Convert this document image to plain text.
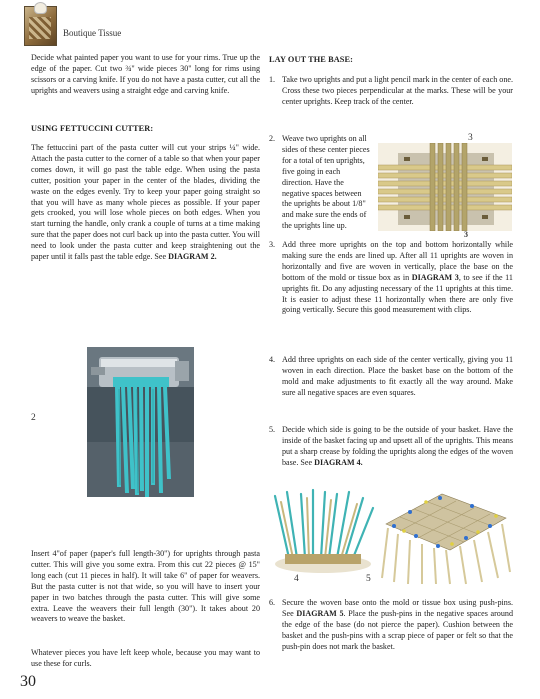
Boutique Tissue
Decide what painted paper you want to use for your rims. True up the edge of the paper. Cut two ¾" wide pieces 30" long for rims using scissors or a carving knife. If you do not have a pasta cutter, cut all the uprights and weavers using a straight edge and carving knife.
USING FETTUCCINI CUTTER:
The fettuccini part of the pasta cutter will cut your strips ¼" wide. Attach the pasta cutter to the corner of a table so that when your paper comes down, it will go past the table edge. When using the pasta cutter, position your paper in the center of the blades, dividing the waste on the edges evenly. Try to keep your paper going straight so that you will have as many whole pieces as possible. If your paper gets crooked, you will lose whole pieces on both edges. When you start turning the handle, only crank a couple of turns at a time making sure that the paper does not curl back up into the pasta cutter. You will need to look under the pasta cutter and keep straightening out the paper until it falls past the table edge. See DIAGRAM 2.
2
Insert 4"of paper (paper's full length-30") for uprights through pasta cutter. This will give you some extra. From this cut 22 pieces @ 15" long each (cut 11 pieces in half). It will take 6" of paper for weavers. But the pasta cutter is not that wide, so you will have to insert your paper in two batches through the pasta cutter. This will give some extra. Leave the weavers their full length (30"). It takes about 20 weavers to weave the basket.
Whatever pieces you have left keep whole, because you may want to use these for curls.
30
LAY OUT THE BASE:
1. Take two uprights and put a light pencil mark in the center of each one. Cross these two pieces perpendicular at the marks. These will be your center uprights. Keep track of the center.
2. Weave two uprights on all sides of these center pieces for a total of ten uprights, five going in each direction. Have the negative spaces between the uprights be about 1/8" and make sure the ends of the uprights line up.
3
3
3. Add three more uprights on the top and bottom horizontally while making sure the ends are lined up. After all 11 uprights are woven in horizontally and five are woven in vertically, place the base on the bottom of the mold or tissue box as in DIAGRAM 3, to see if the 11 uprights fit. Do any adjusting necessary of the 11 uprights at this time. It is easier to adjust these 11 horizontally when there are only five going vertically. Secure this good measurement with clips.
4. Add three uprights on each side of the center vertically, giving you 11 woven in each direction. Place the basket base on the bottom of the mold and make adjustments to fit exactly all the way around. Make sure all negative spaces are even squares.
5. Decide which side is going to be the outside of your basket. Have the inside of the basket facing up and upsett all of the uprights. This means put a sharp crease by folding the uprights along the edges of the woven base. See DIAGRAM 4.
4	5
6. Secure the woven base onto the mold or tissue box using push-pins. See DIAGRAM 5. Place the push-pins in the negative spaces around the edge of the base (do not pierce the paper). Cushion between the basket and the push-pins with a scrap piece of paper or felt so that the push-pin does not mark the basket.
